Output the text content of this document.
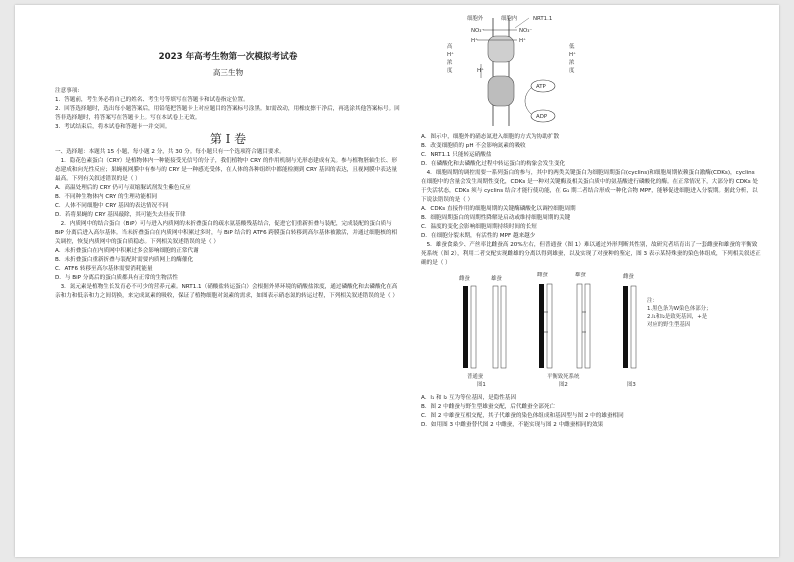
2023 年高考生物第一次模拟考试卷

高三生物

注意事项:

1．答题前，考生务必将自己的姓名、考生号等填写在答题卡和试卷指定位置。

2．回答选择题时，选出每小题答案后，用铅笔把答题卡上对应题目的答案标号涂黑。如需改动，用橡皮擦干净后，再选涂其他答案标号。回答非选择题时，将答案写在答题卡上。写在本试卷上无效。

3．考试结束后，将本试卷和答题卡一并交回。

第 I 卷

一、选择题：本题共 15 小题，每小题 2 分，共 30 分。每小题只有一个选项符合题目要求。

1．隐花色素蛋白（CRY）是植物体内一种能接受光信号的分子，我们植物中 CRY 的作用机制与光形态建成有关。参与植物胚轴生长、形态建成和向光性反应；果蝇视网膜中有参与的 CRY 是一种感光受体，在人体的各种组织中都能检测到 CRY 基因的表达，且视网膜中表达量最高。下列有关叙述错误的是（ ）

A．高温处理后的 CRY 仍可与双缩脲试剂发生紫色反应

B．不同种生物体内 CRY 的生理功能相同

C．人体不同细胞中 CRY 基因的表达情况不同

D．若将果蝇的 CRY 基因敲除，其可能失去昼夜节律

2．内质网中的结合蛋白（BiP）可与进入内质网的未折叠蛋白的疏水氨基酸残基结合，促进它们重新折叠与装配，完成装配的蛋白质与 BiP 分离后进入高尔基体。当未折叠蛋白在内质网中积累过多时，与 BiP 结合的 ATF6 跨膜蛋白转移到高尔基体被激活，并通过细胞核的相关调控，恢复内质网中的蛋白质稳态。下列相关叙述错误的是（ ）

A．未折叠蛋白在内质网中积累过多会影响细胞的正常代谢

B．未折叠蛋白重新折叠与装配时需要内质网上的酶催化

C．ATF6 转移至高尔基体需要消耗能量

D．与 BiP 分离后的蛋白质都具有正常的生物活性

3．氮元素是植物生长发育必不可少的营养元素。NRT1.1（硝酸盐转运蛋白）会根据外界环境的硝酸盐浓度，通过磷酸化和去磷酸化在高亲和力和低亲和力之间切换，来完成氮素的吸收，保证了植物细胞对氮素的需求，如图表示硝态氮的转运过程，下列相关叙述错误的是（ ）

细胞外	细胞内	NRT1.1
NO₃⁻	NO₃⁻
H⁺	H⁺
高
H⁺
浓
度	H⁺
低
H⁺
浓
度
ATP
ADP

A．图示中，细胞外的硝态氮进入细胞的方式为协助扩散

B．改变细胞质的 pH 不会影响氮素的吸收

C．NRT1.1 只能转运硝酸盐

D．在磷酸化和去磷酸化过程中转运蛋白的构象会发生变化

4．细胞周期的调控需要一系列蛋白的参与，其中的两类关键蛋白为细胞周期蛋白(cyclins)和细胞周期依赖蛋白激酶(CDKs)，cyclins 在细胞中的含量会发生周期性变化，CDKs 是一种对关键酶及相关蛋白质中的氨基酸进行磷酸化的酶。在正常情况下，大部分的 CDKs 处于失活状态，CDKs 须与 cyclins 结合才能行使功能，在 G₁ 期二者结合形成一种化合物 MPF，能够促进细胞进入分裂期。据此分析，以下说法错误的是（ ）

A．CDKs 直接作用的细胞周期的关键酶磷酸化以调控细胞周期

B．细胞周期蛋白的周期性降解是启动或维持细胞周期的关键

C．温度的变化会影响细胞周期持续时间的长短

D．在细胞分裂末期，有活性的 MPF 越来越少

5．雄蚕食桑少、产丝率比雌蚕高 20%左右，但普通蚕（图 1）难以通过外形判断其性别，故研究者培育出了一套雌蚕和雄蚕的平衡致死系统（图 2），利用二者交配实现雌雄的分离以得到雄蚕，以及实现了对蚕种的鉴定，图 3 表示某特殊蚕的染色体组成，下列相关叙述正确的是（ ）

雌蚕	雄蚕
雌蚕	雄蚕	雌蚕
注：
1.黑色条为W染色体部分；
2.l₁和l₂是致死基因，+是
对应的野生型基因
普通蚕
图1
平衡致死系统
图2	图3

A．l₁ 和 l₂ 互为等位基因，是隐性基因

B．图 2 中雌蚕与野生型雄蚕交配，后代雌蚕全部死亡

C．图 2 中雄蚕互相交配，其子代雄蚕的染色体组成和基因型与图 2 中的雄蚕相同

D．如用图 3 中雌蚕替代图 2 中雌蚕，不能实现与图 2 中雌蚕相同的效果
